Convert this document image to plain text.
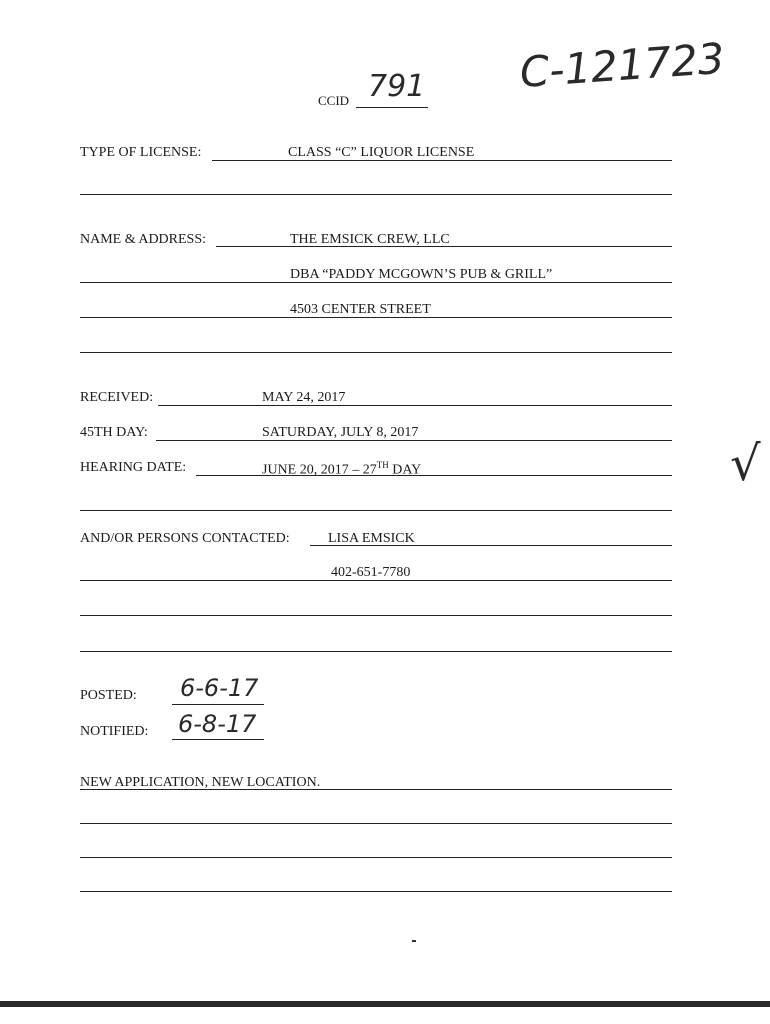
CCID 791 C-121723
TYPE OF LICENSE:	CLASS “C” LIQUOR LICENSE
NAME & ADDRESS:	THE EMSICK CREW, LLC
DBA “PADDY MCGOWN’S PUB & GRILL”
4503 CENTER STREET
RECEIVED:	MAY 24, 2017
45TH DAY:	SATURDAY, JULY 8, 2017
HEARING DATE:	JUNE 20, 2017 – 27TH DAY	√
AND/OR PERSONS CONTACTED:	LISA EMSICK
402-651-7780
POSTED: 6-6-17
NOTIFIED: 6-8-17
NEW APPLICATION, NEW LOCATION.
